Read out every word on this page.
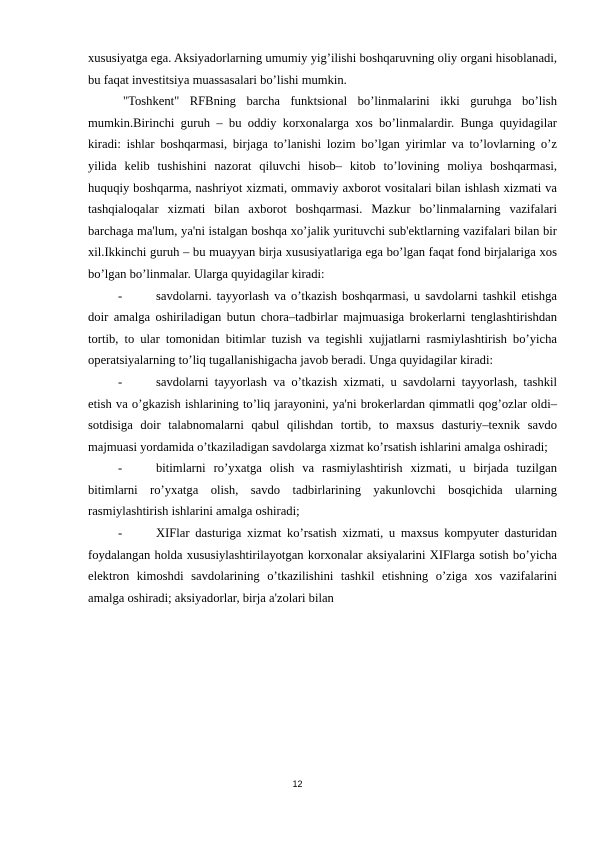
xususiyatga ega. Aksiyadorlarning umumiy yig’ilishi boshqaruvning oliy organi hisoblanadi, bu faqat investitsiya muassasalari bo’lishi mumkin.

"Toshkent" RFBning barcha funktsional bo’linmalarini ikki guruhga bo’lish mumkin.Birinchi guruh – bu oddiy korxonalarga xos bo’linmalardir. Bunga quyidagilar kiradi: ishlar boshqarmasi, birjaga to’lanishi lozim bo’lgan yirimlar va to’lovlarning o’z yilida kelib tushishini nazorat qiluvchi hisob– kitob to’lovining moliya boshqarmasi, huquqiy boshqarma, nashriyot xizmati, ommaviy axborot vositalari bilan ishlash xizmati va tashqialoqalar xizmati bilan axborot boshqarmasi. Mazkur bo’linmalarning vazifalari barchaga ma'lum, ya'ni istalgan boshqa xo’jalik yurituvchi sub'ektlarning vazifalari bilan bir xil.Ikkinchi guruh – bu muayyan birja xususiyatlariga ega bo’lgan faqat fond birjalariga xos bo’lgan bo’linmalar. Ularga quyidagilar kiradi:

-	savdolarni. tayyorlash va o’tkazish boshqarmasi, u savdolarni tashkil etishga doir amalga oshiriladigan butun chora–tadbirlar majmuasiga brokerlarni tenglashtirishdan tortib, to ular tomonidan bitimlar tuzish va tegishli xujjatlarni rasmiylashtirish bo’yicha operatsiyalarning to’liq tugallanishigacha javob beradi. Unga quyidagilar kiradi:

-	savdolarni tayyorlash va o’tkazish xizmati, u savdolarni tayyorlash, tashkil etish va o’gkazish ishlarining to’liq jarayonini, ya'ni brokerlardan qimmatli qog’ozlar oldi–sotdisiga doir talabnomalarni qabul qilishdan tortib, to maxsus dasturiy–texnik savdo majmuasi yordamida o’tkaziladigan savdolarga xizmat ko’rsatish ishlarini amalga oshiradi;

-	bitimlarni ro’yxatga olish va rasmiylashtirish xizmati, u birjada tuzilgan bitimlarni ro’yxatga olish, savdo tadbirlarining yakunlovchi bosqichida ularning rasmiylashtirish ishlarini amalga oshiradi;

-	XIFlar dasturiga xizmat ko’rsatish xizmati, u maxsus kompyuter dasturidan foydalangan holda xususiylashtirilayotgan korxonalar aksiyalarini XIFlarga sotish bo’yicha elektron kimoshdi savdolarining o’tkazilishini tashkil etishning o’ziga xos vazifalarini amalga oshiradi; aksiyadorlar, birja a'zolari bilan

12
